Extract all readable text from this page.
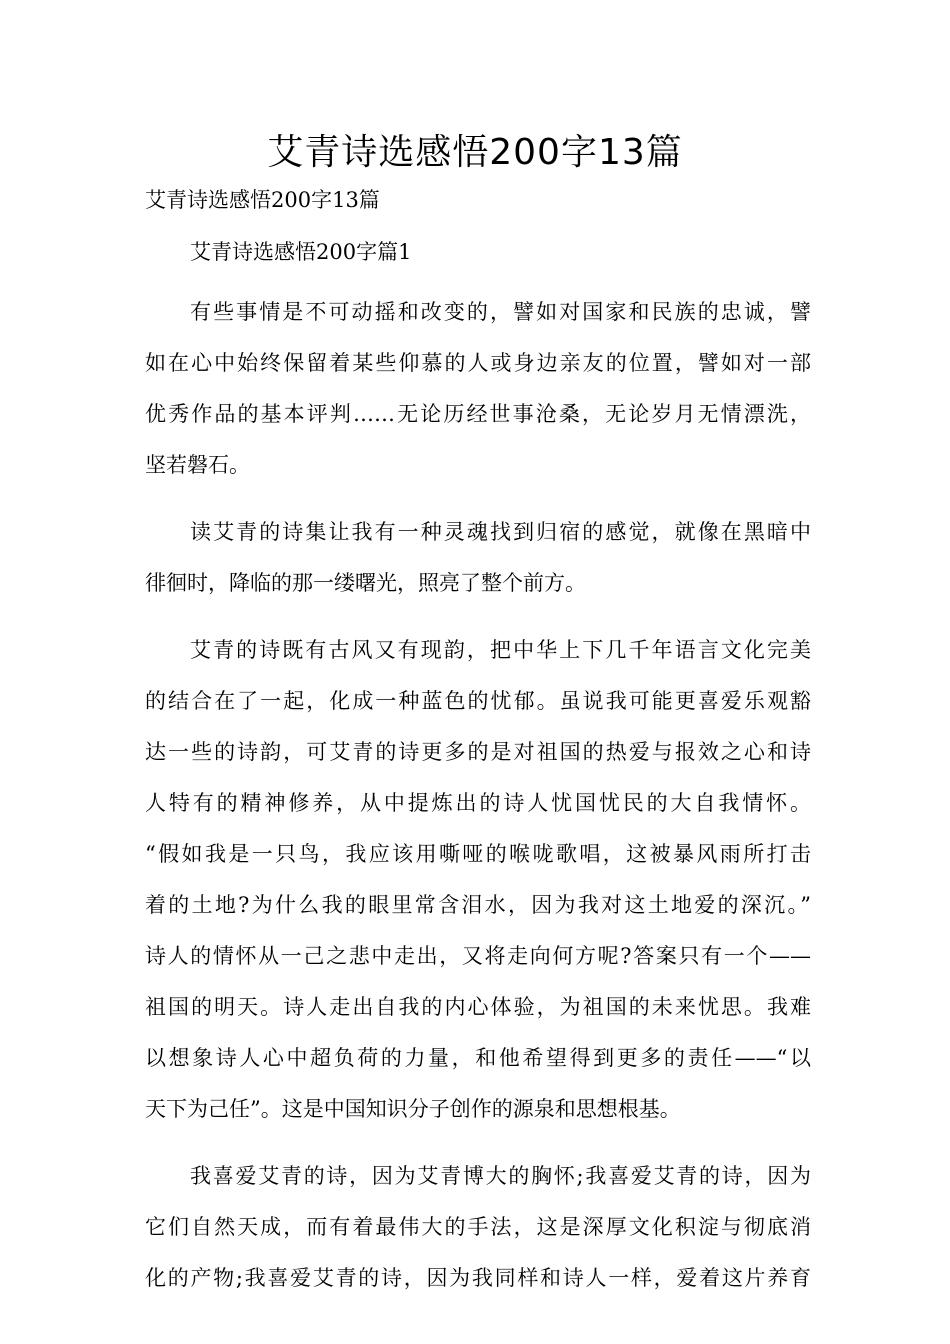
艾青诗选感悟200字13篇

艾青诗选感悟200字13篇

艾青诗选感悟200字篇1

有些事情是不可动摇和改变的，譬如对国家和民族的忠诚，譬
如在心中始终保留着某些仰慕的人或身边亲友的位置，譬如对一部
优秀作品的基本评判……无论历经世事沧桑，无论岁月无情漂洗，
坚若磐石。

读艾青的诗集让我有一种灵魂找到归宿的感觉，就像在黑暗中
徘徊时，降临的那一缕曙光，照亮了整个前方。

艾青的诗既有古风又有现韵，把中华上下几千年语言文化完美
的结合在了一起，化成一种蓝色的忧郁。虽说我可能更喜爱乐观豁
达一些的诗韵，可艾青的诗更多的是对祖国的热爱与报效之心和诗
人特有的精神修养，从中提炼出的诗人忧国忧民的大自我情怀。
“假如我是一只鸟，我应该用嘶哑的喉咙歌唱，这被暴风雨所打击
着的土地?为什么我的眼里常含泪水，因为我对这土地爱的深沉。”
诗人的情怀从一己之悲中走出，又将走向何方呢?答案只有一个——
祖国的明天。诗人走出自我的内心体验，为祖国的未来忧思。我难
以想象诗人心中超负荷的力量，和他希望得到更多的责任——“以
天下为己任”。这是中国知识分子创作的源泉和思想根基。

我喜爱艾青的诗，因为艾青博大的胸怀;我喜爱艾青的诗，因为
它们自然天成，而有着最伟大的手法，这是深厚文化积淀与彻底消
化的产物;我喜爱艾青的诗，因为我同样和诗人一样，爱着这片养育
